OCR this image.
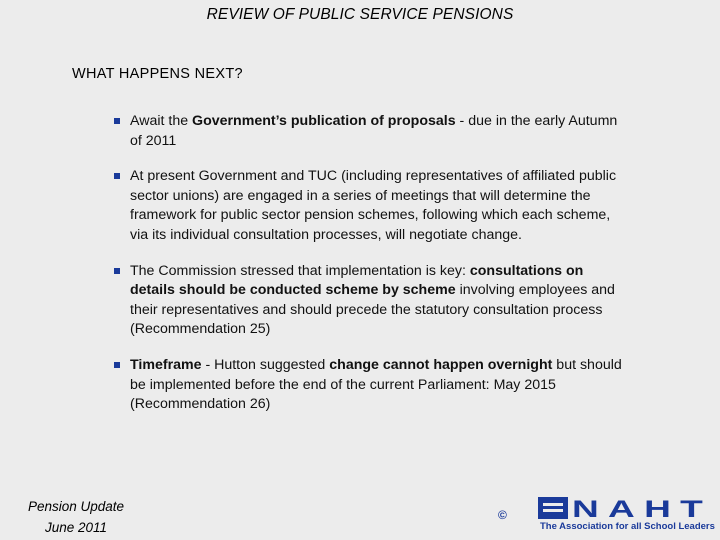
REVIEW OF PUBLIC SERVICE PENSIONS
WHAT HAPPENS NEXT?
Await the Government’s publication of proposals - due in the early Autumn of 2011
At present Government and TUC (including representatives of affiliated public sector unions) are engaged in a series of meetings that will determine the framework for public sector pension schemes, following which each scheme, via its individual consultation processes, will negotiate change.
The Commission stressed that implementation is key: consultations on details should be conducted scheme by scheme involving employees and their representatives and should precede the statutory consultation process (Recommendation 25)
Timeframe - Hutton suggested change cannot happen overnight but should be implemented before the end of the current Parliament: May 2015 (Recommendation 26)
Pension Update
June 2011
©	NAHT
The Association for all School Leaders
